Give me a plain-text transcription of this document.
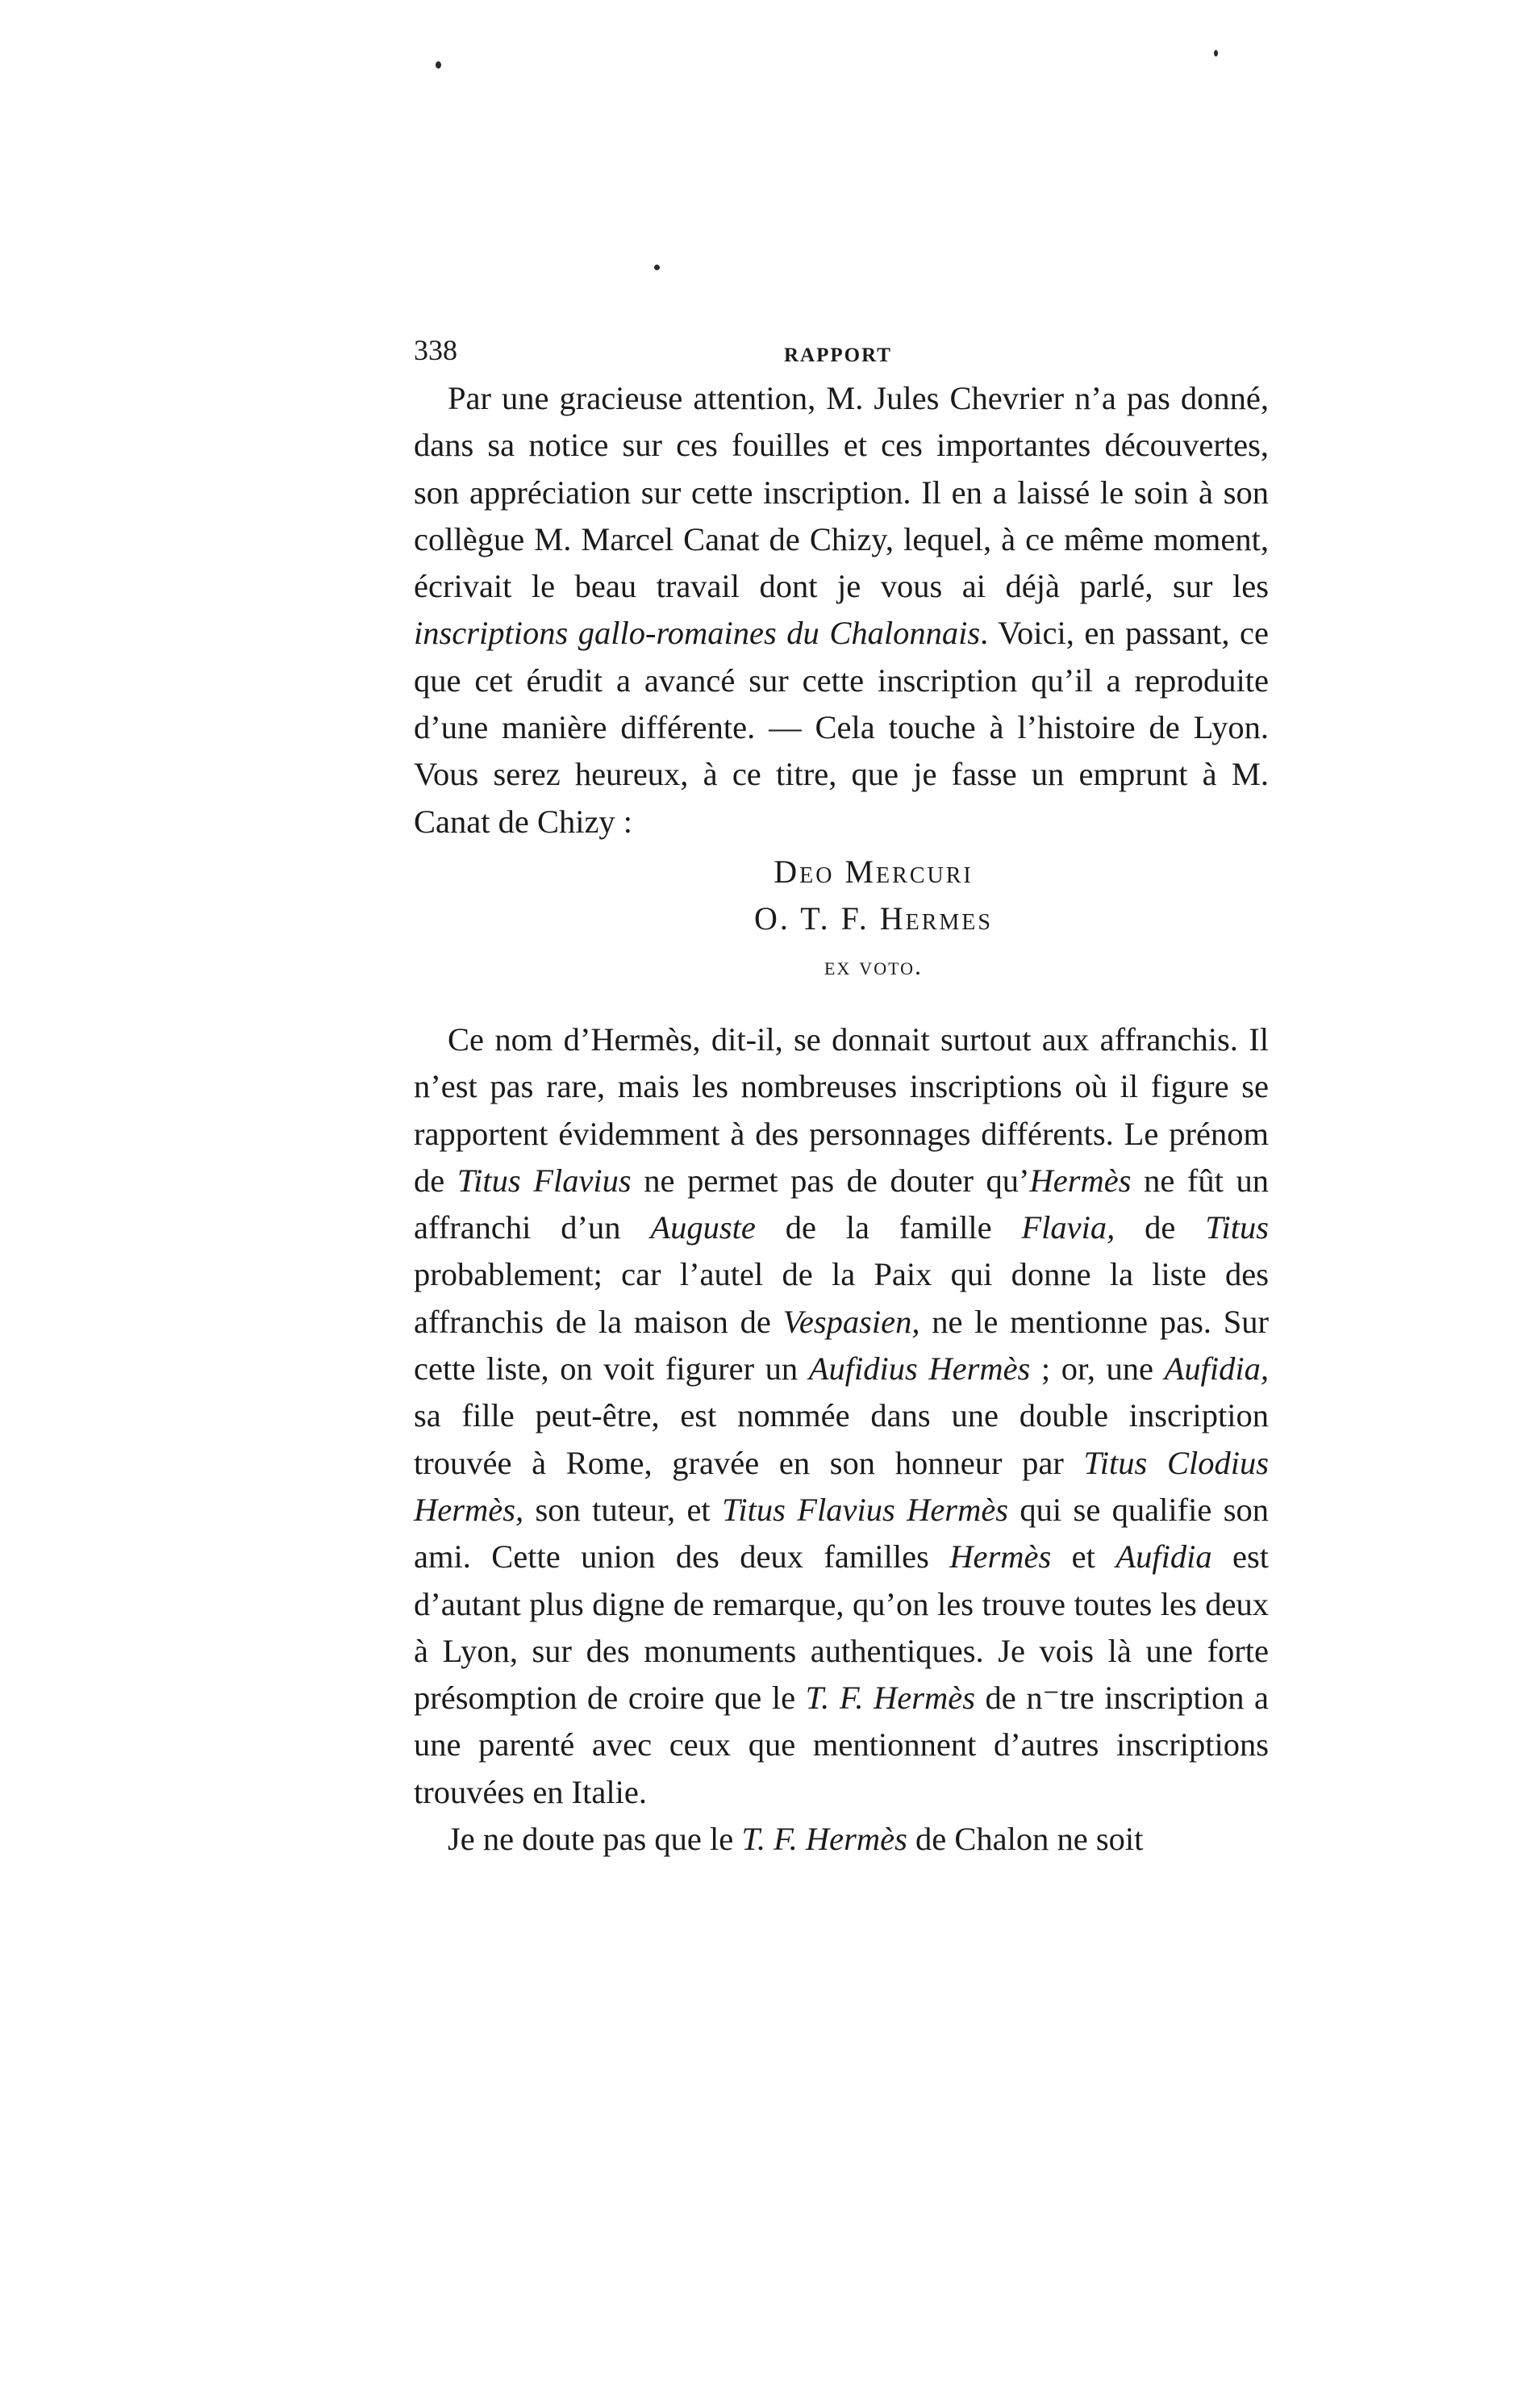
338	RAPPORT

Par une gracieuse attention, M. Jules Chevrier n’a pas donné, dans sa notice sur ces fouilles et ces importantes découvertes, son appréciation sur cette inscription. Il en a laissé le soin à son collègue M. Marcel Canat de Chizy, lequel, à ce même moment, écrivait le beau travail dont je vous ai déjà parlé, sur les inscriptions gallo-romaines du Chalonnais. Voici, en passant, ce que cet érudit a avancé sur cette inscription qu’il a reproduite d’une manière différente. — Cela touche à l’histoire de Lyon. Vous serez heureux, à ce titre, que je fasse un emprunt à M. Canat de Chizy :

Deo Mercuri
O. T. F. Hermes
ex voto.

Ce nom d’Hermès, dit-il, se donnait surtout aux affranchis. Il n’est pas rare, mais les nombreuses inscriptions où il figure se rapportent évidemment à des personnages différents. Le prénom de Titus Flavius ne permet pas de douter qu’Hermès ne fût un affranchi d’un Auguste de la famille Flavia, de Titus probablement; car l’autel de la Paix qui donne la liste des affranchis de la maison de Vespasien, ne le mentionne pas. Sur cette liste, on voit figurer un Aufidius Hermès ; or, une Aufidia, sa fille peut-être, est nommée dans une double inscription trouvée à Rome, gravée en son honneur par Titus Clodius Hermès, son tuteur, et Titus Flavius Hermès qui se qualifie son ami. Cette union des deux familles Hermès et Aufidia est d’autant plus digne de remarque, qu’on les trouve toutes les deux à Lyon, sur des monuments authentiques. Je vois là une forte présomption de croire que le T. F. Hermès de n⁻tre inscription a une parenté avec ceux que mentionnent d’autres inscriptions trouvées en Italie.

Je ne doute pas que le T. F. Hermès de Chalon ne soit
